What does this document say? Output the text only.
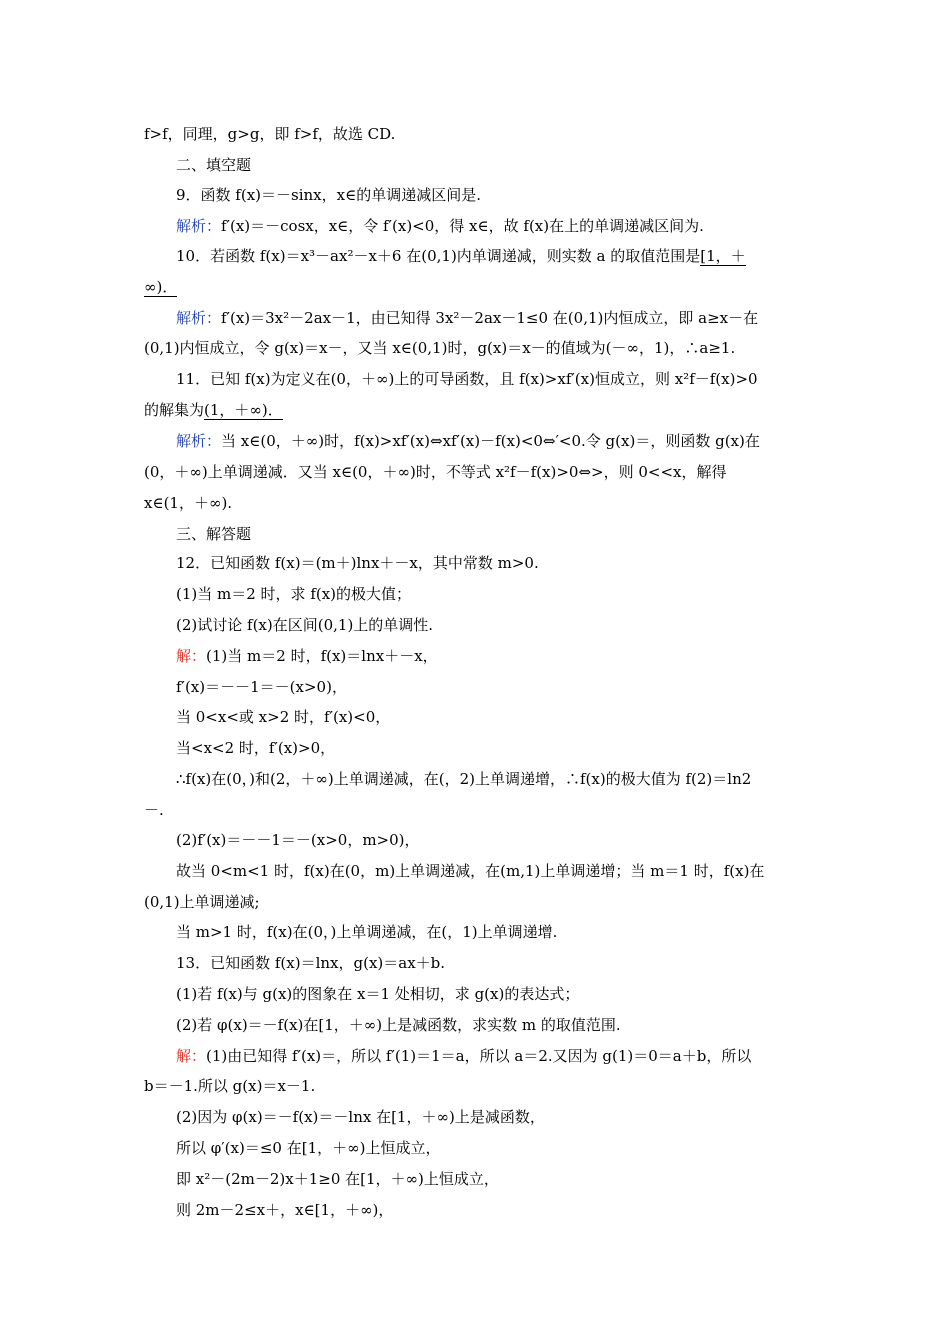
f>f，同理，g>g，即 f>f，故选 CD.
二、填空题
9．函数 f(x)＝－sinx，x∈的单调递减区间是.
解析：f′(x)＝－cosx，x∈，令 f′(x)<0，得 x∈，故 f(x)在上的单调递减区间为.
10．若函数 f(x)＝x³－ax²－x＋6 在(0,1)内单调递减，则实数 a 的取值范围是[1，＋
∞)．
解析：f′(x)＝3x²－2ax－1，由已知得 3x²－2ax－1≤0 在(0,1)内恒成立，即 a≥x－在
(0,1)内恒成立，令 g(x)＝x－，又当 x∈(0,1)时，g(x)＝x－的值域为(－∞，1)，∴a≥1.
11．已知 f(x)为定义在(0，＋∞)上的可导函数，且 f(x)>xf′(x)恒成立，则 x²f－f(x)>0
的解集为(1，＋∞)．
解析：当 x∈(0，＋∞)时，f(x)>xf′(x)⇔xf′(x)－f(x)<0⇔′<0.令 g(x)＝，则函数 g(x)在
(0，＋∞)上单调递减．又当 x∈(0，＋∞)时，不等式 x²f－f(x)>0⇔>，则 0<<x，解得
x∈(1，＋∞).
三、解答题
12．已知函数 f(x)＝(m＋)lnx＋－x，其中常数 m>0.
(1)当 m＝2 时，求 f(x)的极大值；
(2)试讨论 f(x)在区间(0,1)上的单调性.
解：(1)当 m＝2 时，f(x)＝lnx＋－x，
f′(x)＝－－1＝－(x>0)，
当 0<x<或 x>2 时，f′(x)<0，
当<x<2 时，f′(x)>0，
∴f(x)在(0，)和(2，＋∞)上单调递减，在(，2)上单调递增，∴f(x)的极大值为 f(2)＝ln2
－.
(2)f′(x)＝－－1＝－(x>0，m>0)，
故当 0<m<1 时，f(x)在(0，m)上单调递减，在(m,1)上单调递增；当 m＝1 时，f(x)在
(0,1)上单调递减;
当 m>1 时，f(x)在(0，)上单调递减，在(，1)上单调递增.
13．已知函数 f(x)＝lnx，g(x)＝ax＋b.
(1)若 f(x)与 g(x)的图象在 x＝1 处相切，求 g(x)的表达式；
(2)若 φ(x)＝－f(x)在[1，＋∞)上是减函数，求实数 m 的取值范围.
解：(1)由已知得 f′(x)＝，所以 f′(1)＝1＝a，所以 a＝2.又因为 g(1)＝0＝a＋b，所以
b＝－1.所以 g(x)＝x－1.
(2)因为 φ(x)＝－f(x)＝－lnx 在[1，＋∞)上是减函数，
所以 φ′(x)＝≤0 在[1，＋∞)上恒成立，
即 x²－(2m－2)x＋1≥0 在[1，＋∞)上恒成立，
则 2m－2≤x＋，x∈[1，＋∞)，
